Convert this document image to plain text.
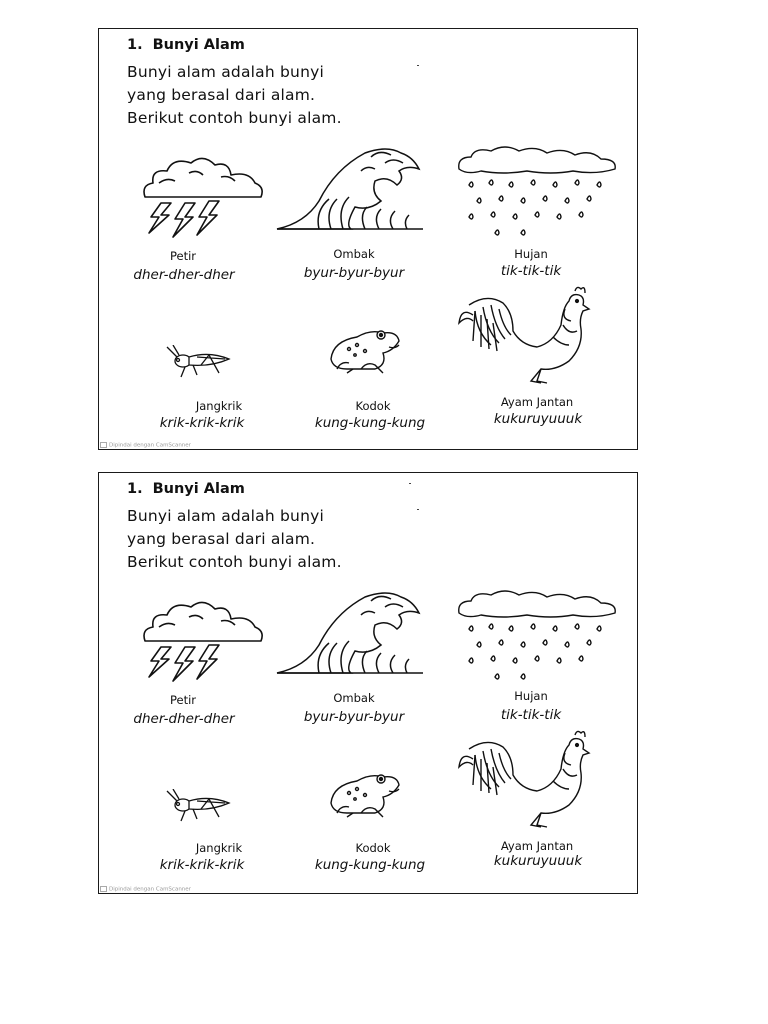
1. Bunyi Alam
Bunyi alam adalah bunyi
yang berasal dari alam.
Berikut contoh bunyi alam.
Petir
dher-dher-dher
Ombak
byur-byur-byur
Hujan
tik-tik-tik
Jangkrik
krik-krik-krik
Kodok
kung-kung-kung
Ayam Jantan
kukuruyuuuk
Dipindai dengan CamScanner
1. Bunyi Alam
Bunyi alam adalah bunyi
yang berasal dari alam.
Berikut contoh bunyi alam.
Petir
dher-dher-dher
Ombak
byur-byur-byur
Hujan
tik-tik-tik
Jangkrik
krik-krik-krik
Kodok
kung-kung-kung
Ayam Jantan
kukuruyuuuk
Dipindai dengan CamScanner
